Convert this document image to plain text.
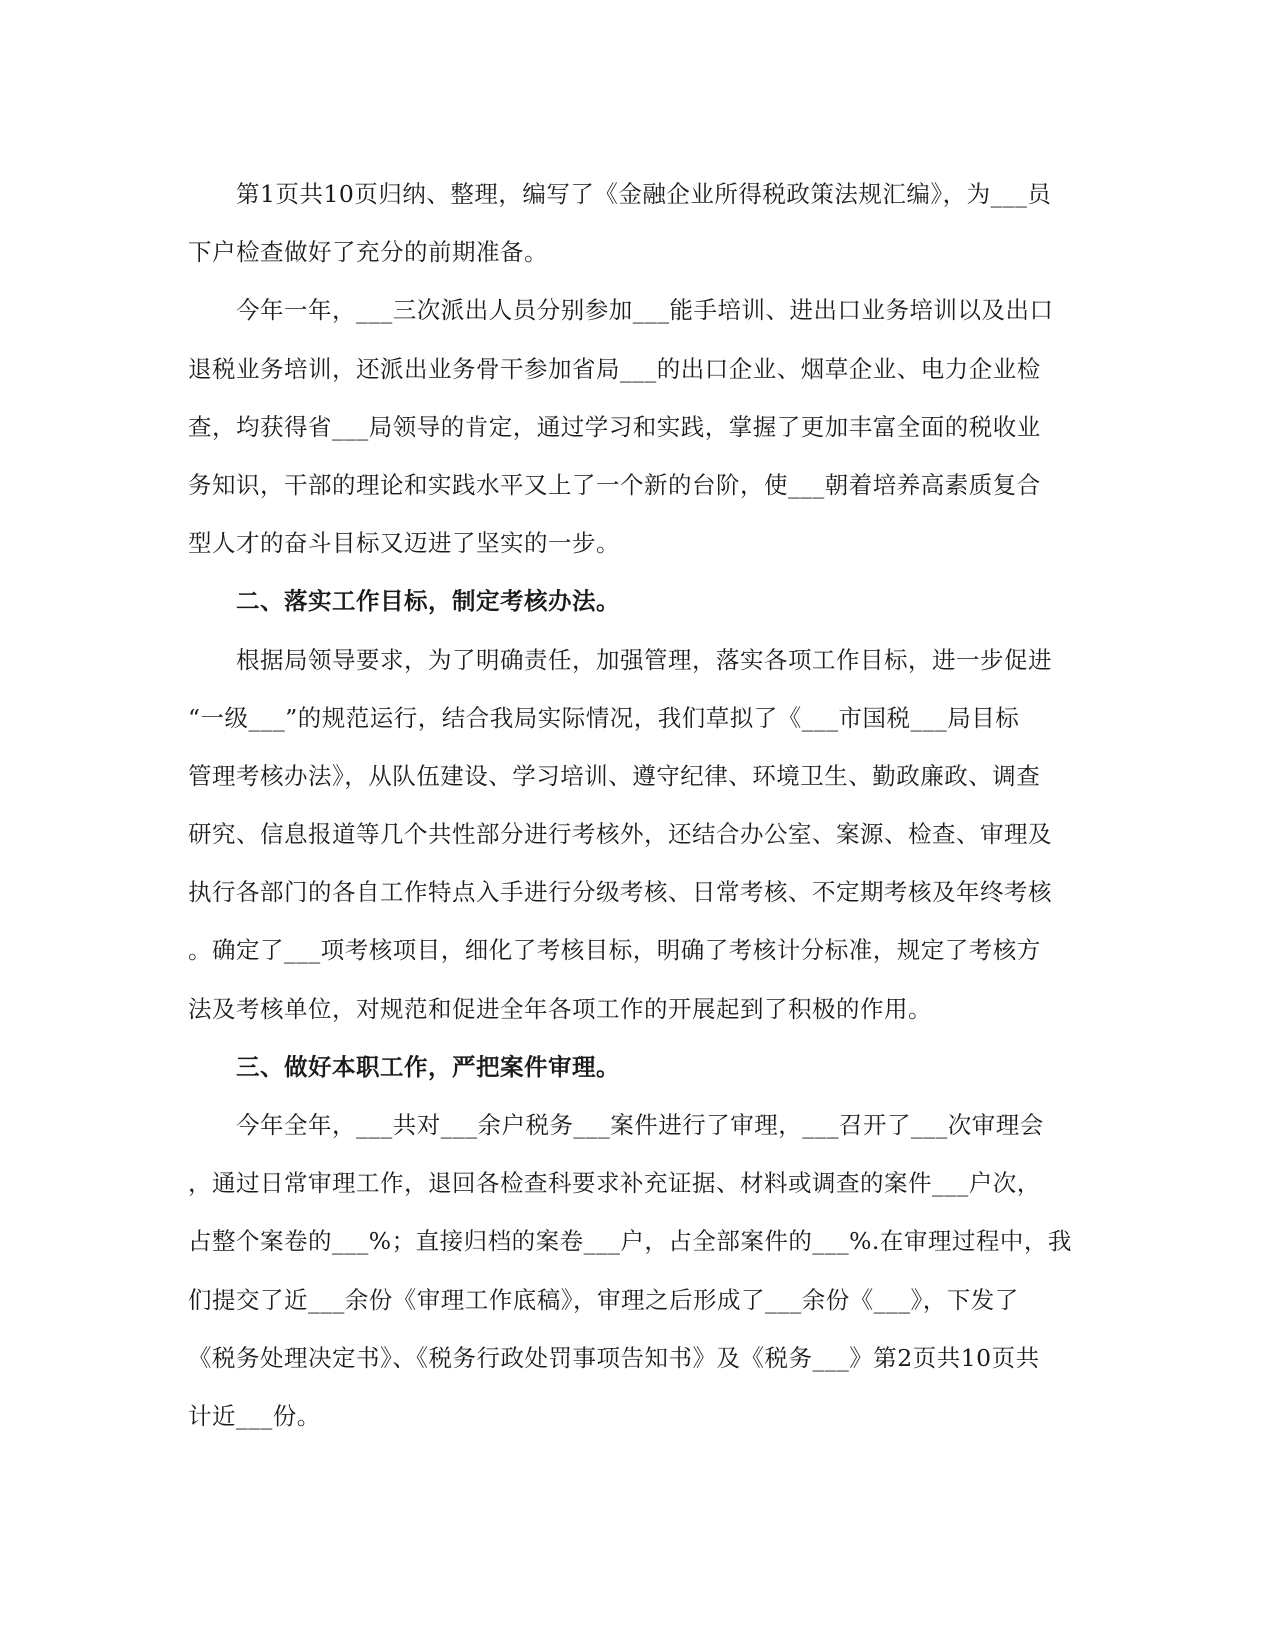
第1页共10页归纳、整理，编写了《金融企业所得税政策法规汇编》，为___员
下户检查做好了充分的前期准备。
今年一年，___三次派出人员分别参加___能手培训、进出口业务培训以及出口
退税业务培训，还派出业务骨干参加省局___的出口企业、烟草企业、电力企业检
查，均获得省___局领导的肯定，通过学习和实践，掌握了更加丰富全面的税收业
务知识，干部的理论和实践水平又上了一个新的台阶，使___朝着培养高素质复合
型人才的奋斗目标又迈进了坚实的一步。
二、落实工作目标，制定考核办法。
根据局领导要求，为了明确责任，加强管理，落实各项工作目标，进一步促进
“一级___”的规范运行，结合我局实际情况，我们草拟了《___市国税___局目标
管理考核办法》，从队伍建设、学习培训、遵守纪律、环境卫生、勤政廉政、调查
研究、信息报道等几个共性部分进行考核外，还结合办公室、案源、检查、审理及
执行各部门的各自工作特点入手进行分级考核、日常考核、不定期考核及年终考核
。确定了___项考核项目，细化了考核目标，明确了考核计分标准，规定了考核方
法及考核单位，对规范和促进全年各项工作的开展起到了积极的作用。
三、做好本职工作，严把案件审理。
今年全年，___共对___余户税务___案件进行了审理，___召开了___次审理会
，通过日常审理工作，退回各检查科要求补充证据、材料或调查的案件___户次，
占整个案卷的___%；直接归档的案卷___户，占全部案件的___%.在审理过程中，我
们提交了近___余份《审理工作底稿》，审理之后形成了___余份《___》，下发了
《税务处理决定书》、《税务行政处罚事项告知书》及《税务___》第2页共10页共
计近___份。
